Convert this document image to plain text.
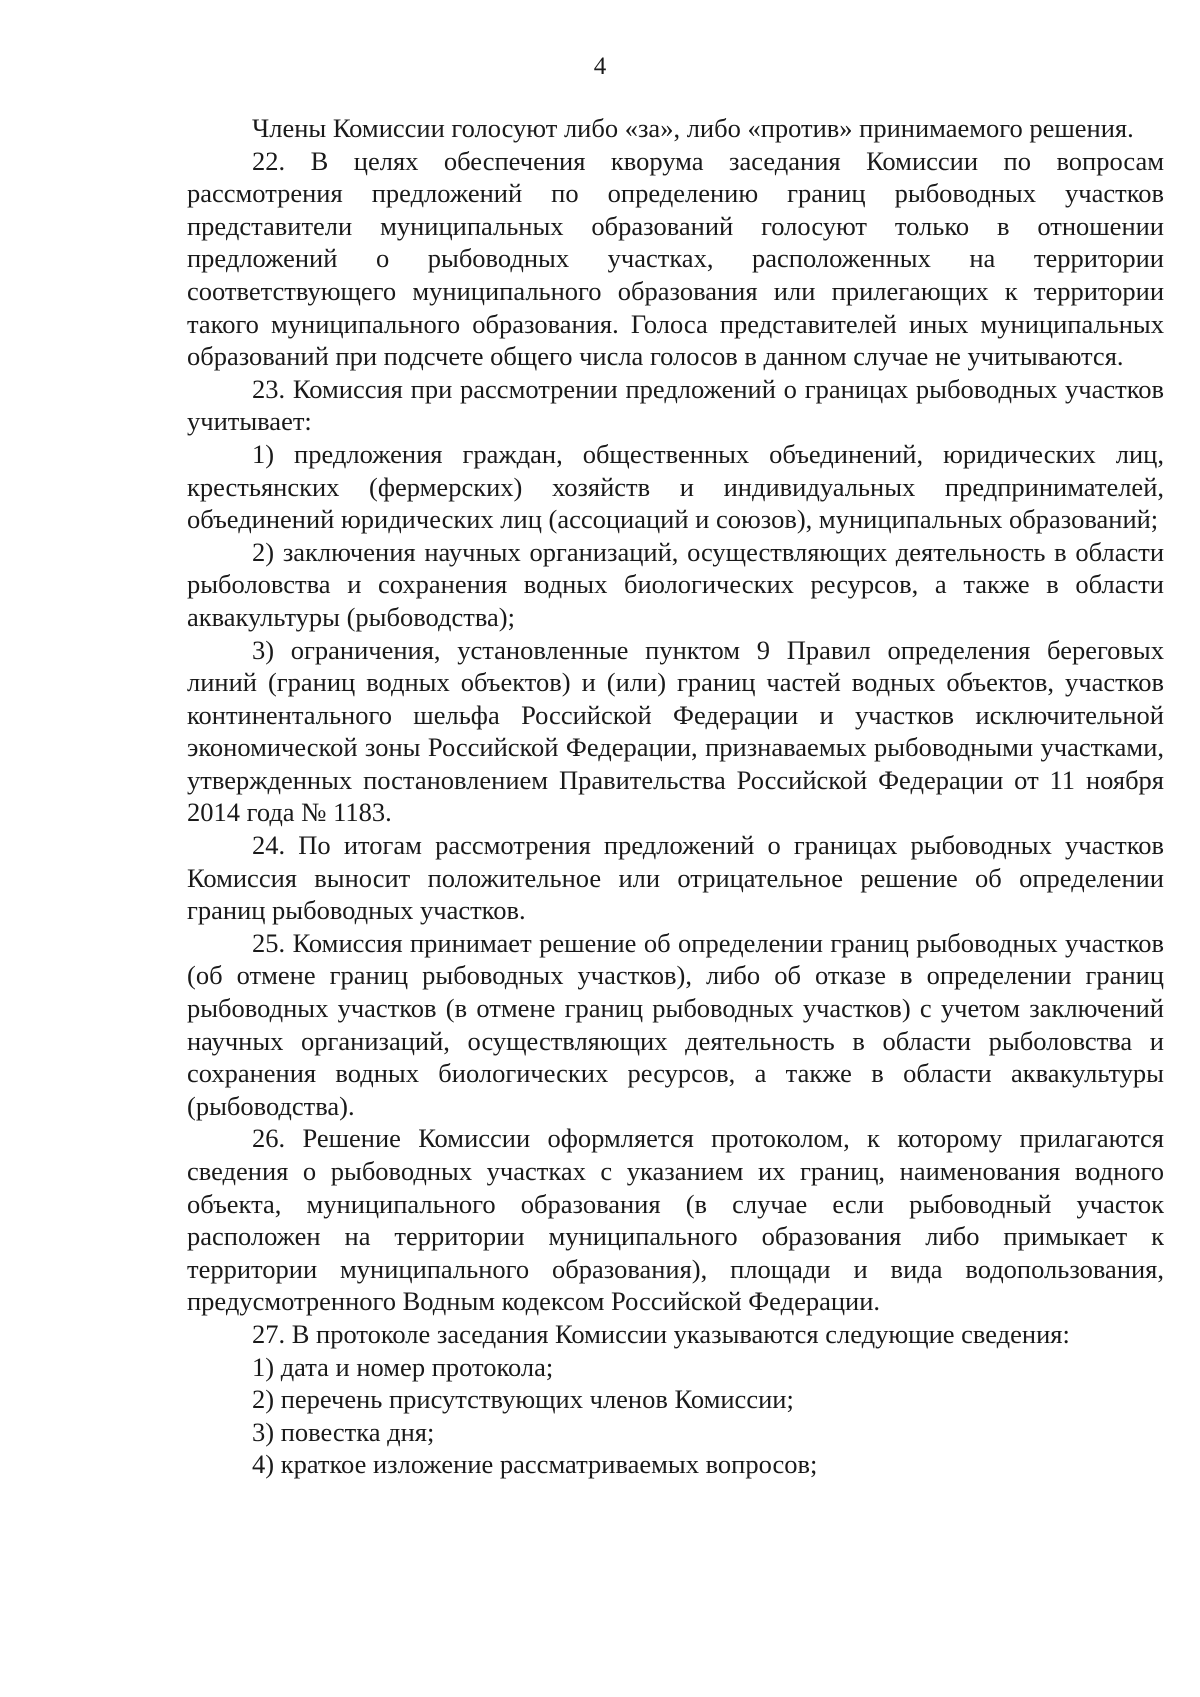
4

Члены Комиссии голосуют либо «за», либо «против» принимаемого решения.

22. В целях обеспечения кворума заседания Комиссии по вопросам рассмотрения предложений по определению границ рыбоводных участков представители муниципальных образований голосуют только в отношении предложений о рыбоводных участках, расположенных на территории соответствующего муниципального образования или прилегающих к территории такого муниципального образования. Голоса представителей иных муниципальных образований при подсчете общего числа голосов в данном случае не учитываются.

23. Комиссия при рассмотрении предложений о границах рыбоводных участков учитывает:

1) предложения граждан, общественных объединений, юридических лиц, крестьянских (фермерских) хозяйств и индивидуальных предпринимателей, объединений юридических лиц (ассоциаций и союзов), муниципальных образований;

2) заключения научных организаций, осуществляющих деятельность в области рыболовства и сохранения водных биологических ресурсов, а также в области аквакультуры (рыбоводства);

3) ограничения, установленные пунктом 9 Правил определения береговых линий (границ водных объектов) и (или) границ частей водных объектов, участков континентального шельфа Российской Федерации и участков исключительной экономической зоны Российской Федерации, признаваемых рыбоводными участками, утвержденных постановлением Правительства Российской Федерации от 11 ноября 2014 года № 1183.

24. По итогам рассмотрения предложений о границах рыбоводных участков Комиссия выносит положительное или отрицательное решение об определении границ рыбоводных участков.

25. Комиссия принимает решение об определении границ рыбоводных участков (об отмене границ рыбоводных участков), либо об отказе в определении границ рыбоводных участков (в отмене границ рыбоводных участков) с учетом заключений научных организаций, осуществляющих деятельность в области рыболовства и сохранения водных биологических ресурсов, а также в области аквакультуры (рыбоводства).

26. Решение Комиссии оформляется протоколом, к которому прилагаются сведения о рыбоводных участках с указанием их границ, наименования водного объекта, муниципального образования (в случае если рыбоводный участок расположен на территории муниципального образования либо примыкает к территории муниципального образования), площади и вида водопользования, предусмотренного Водным кодексом Российской Федерации.

27. В протоколе заседания Комиссии указываются следующие сведения:

1) дата и номер протокола;

2) перечень присутствующих членов Комиссии;

3) повестка дня;

4) краткое изложение рассматриваемых вопросов;
